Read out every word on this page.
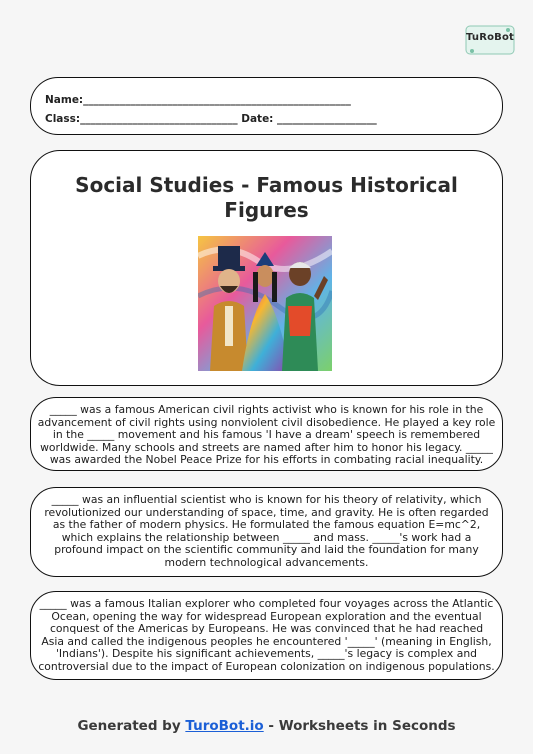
TuRoBot
Name:___________________________________________________
Class:______________________________ Date: ___________________
Social Studies - Famous Historical Figures
_____ was a famous American civil rights activist who is known for his role in the advancement of civil rights using nonviolent civil disobedience. He played a key role in the _____ movement and his famous 'I have a dream' speech is remembered worldwide. Many schools and streets are named after him to honor his legacy. _____ was awarded the Nobel Peace Prize for his efforts in combating racial inequality.
_____ was an influential scientist who is known for his theory of relativity, which revolutionized our understanding of space, time, and gravity. He is often regarded as the father of modern physics. He formulated the famous equation E=mc^2, which explains the relationship between _____ and mass. _____'s work had a profound impact on the scientific community and laid the foundation for many modern technological advancements.
_____ was a famous Italian explorer who completed four voyages across the Atlantic Ocean, opening the way for widespread European exploration and the eventual conquest of the Americas by Europeans. He was convinced that he had reached Asia and called the indigenous peoples he encountered '_____' (meaning in English, 'Indians'). Despite his significant achievements, _____'s legacy is complex and controversial due to the impact of European colonization on indigenous populations.
Generated by TuroBot.io - Worksheets in Seconds
